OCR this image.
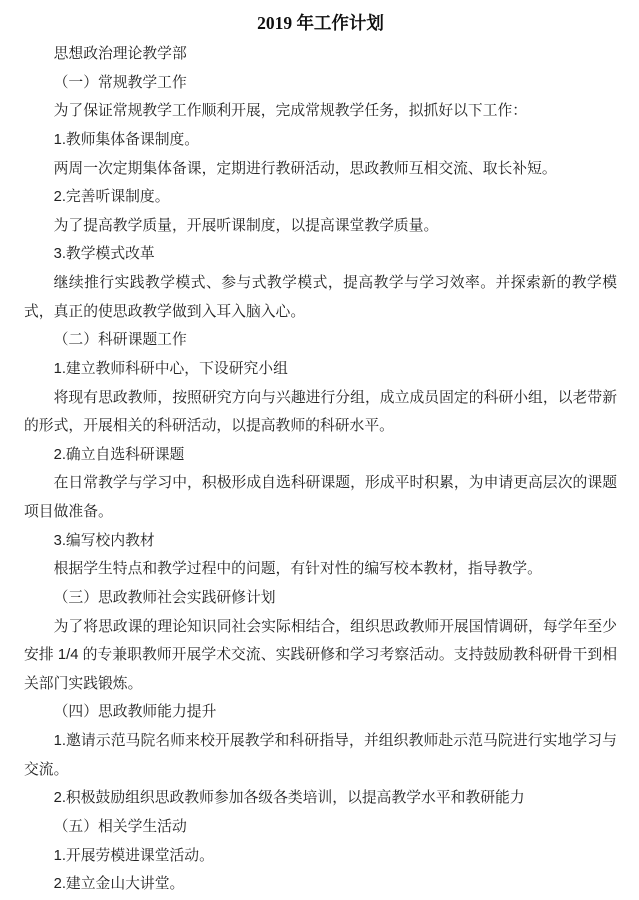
2019 年工作计划

思想政治理论教学部

（一）常规教学工作

为了保证常规教学工作顺利开展，完成常规教学任务，拟抓好以下工作：

1.教师集体备课制度。

两周一次定期集体备课，定期进行教研活动，思政教师互相交流、取长补短。

2.完善听课制度。

为了提高教学质量，开展听课制度，以提高课堂教学质量。

3.教学模式改革

继续推行实践教学模式、参与式教学模式，提高教学与学习效率。并探索新的教学模式，真正的使思政教学做到入耳入脑入心。

（二）科研课题工作

1.建立教师科研中心，下设研究小组

将现有思政教师，按照研究方向与兴趣进行分组，成立成员固定的科研小组，以老带新的形式，开展相关的科研活动，以提高教师的科研水平。

2.确立自选科研课题

在日常教学与学习中，积极形成自选科研课题，形成平时积累，为申请更高层次的课题项目做准备。

3.编写校内教材

根据学生特点和教学过程中的问题，有针对性的编写校本教材，指导教学。

（三）思政教师社会实践研修计划

为了将思政课的理论知识同社会实际相结合，组织思政教师开展国情调研，每学年至少安排 1/4 的专兼职教师开展学术交流、实践研修和学习考察活动。支持鼓励教科研骨干到相关部门实践锻炼。

（四）思政教师能力提升

1.邀请示范马院名师来校开展教学和科研指导，并组织教师赴示范马院进行实地学习与交流。

2.积极鼓励组织思政教师参加各级各类培训，以提高教学水平和教研能力

（五）相关学生活动

1.开展劳模进课堂活动。

2.建立金山大讲堂。
